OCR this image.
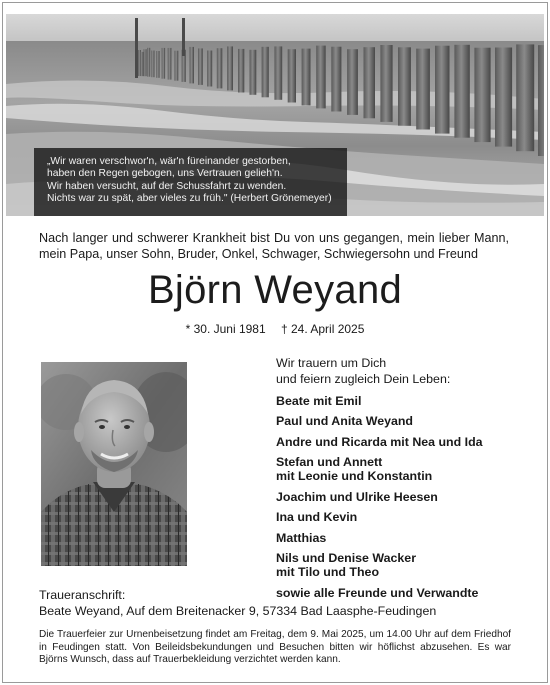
„Wir waren verschwor'n, wär'n füreinander gestorben,
haben den Regen gebogen, uns Vertrauen gelieh'n.
Wir haben versucht, auf der Schussfahrt zu wenden.
Nichts war zu spät, aber vieles zu früh." (Herbert Grönemeyer)
Nach langer und schwerer Krankheit bist Du von uns gegangen, mein lieber Mann, mein Papa, unser Sohn, Bruder, Onkel, Schwager, Schwiegersohn und Freund
Björn Weyand
* 30. Juni 1981 † 24. April 2025
Wir trauern um Dich
und feiern zugleich Dein Leben:
Beate mit Emil
Paul und Anita Weyand
Andre und Ricarda mit Nea und Ida
Stefan und Annett
mit Leonie und Konstantin
Joachim und Ulrike Heesen
Ina und Kevin
Matthias
Nils und Denise Wacker
mit Tilo und Theo
sowie alle Freunde und Verwandte
Traueranschrift:
Beate Weyand, Auf dem Breitenacker 9, 57334 Bad Laasphe-Feudingen
Die Trauerfeier zur Urnenbeisetzung findet am Freitag, dem 9. Mai 2025, um 14.00 Uhr auf dem Friedhof in Feudingen statt. Von Beileidsbekundungen und Besuchen bitten wir höflichst abzusehen. Es war Björns Wunsch, dass auf Trauerbekleidung verzichtet werden kann.
